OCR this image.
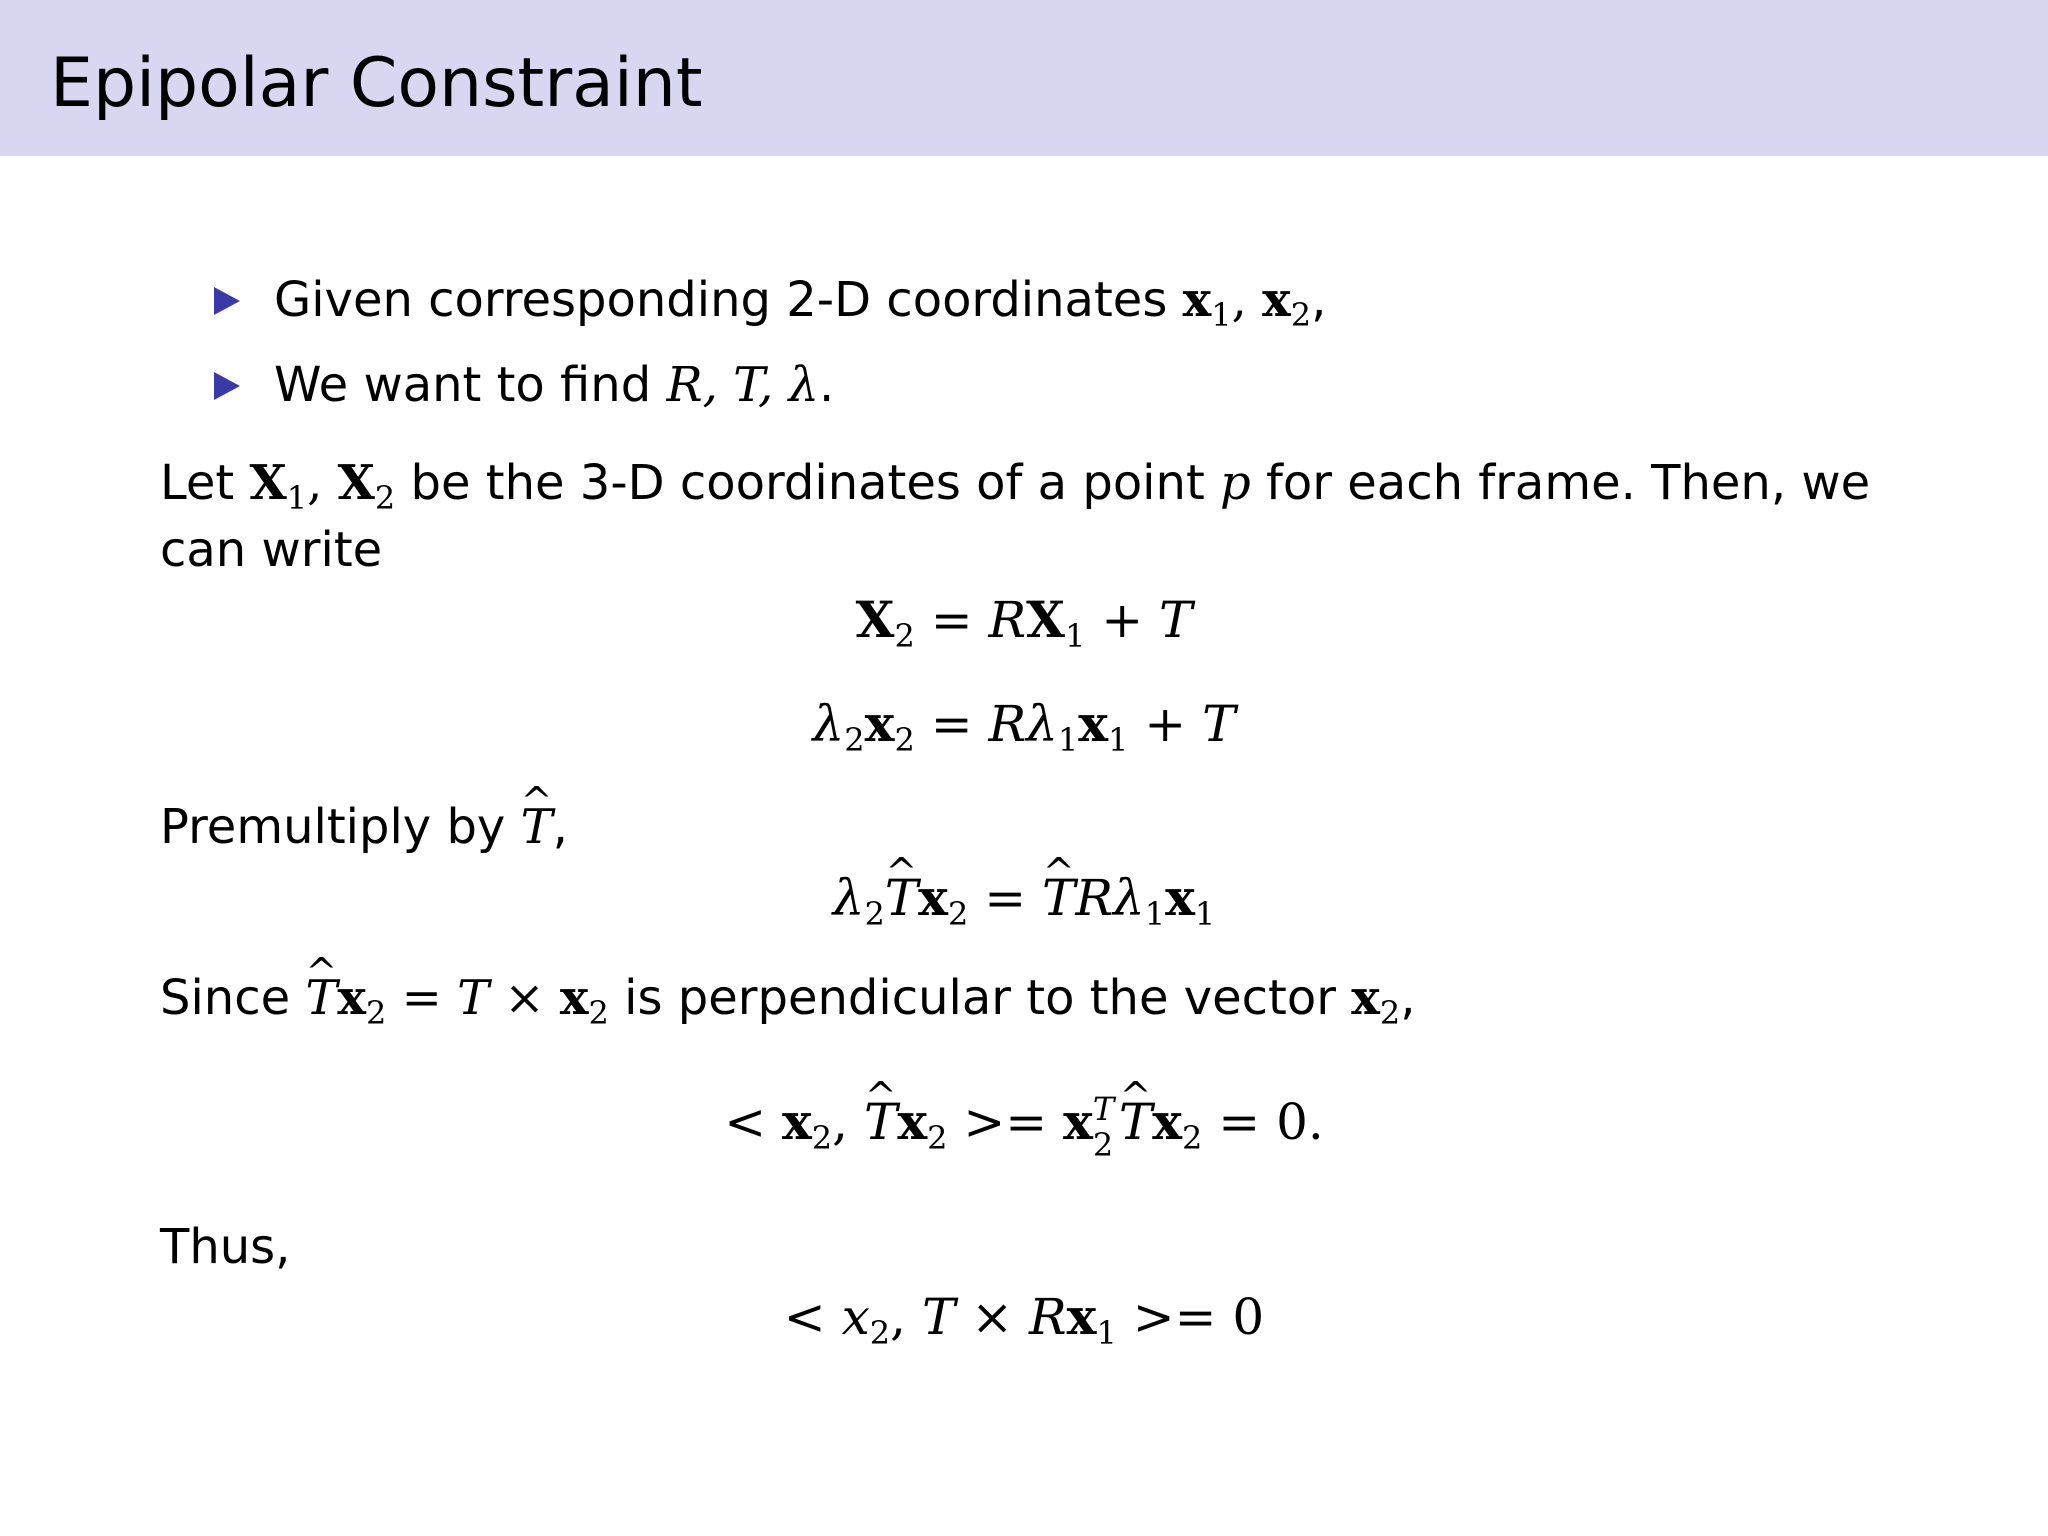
Epipolar Constraint
Given corresponding 2-D coordinates $x_1$, $x_2$,
We want to find R, T, λ.
Let $X_1$, $X_2$ be the 3-D coordinates of a point p for each frame. Then, we
can write
$X_2 = RX_1 + T$
$\lambda_2x_2 = R\lambda_1x_1 + T$
Premultiply by ^ T,
$\lambda_2\^{}$ $Tx_2$ = ^ $TR\lambda_1x_1$
Since ^ $Tx_2 = T \times x_2$ is perpendicular to the vector $x_2$,
< $x_2$, ^ $Tx_2 >= x$ T
2
^ $Tx_2 = 0$.
Thus,
< $x_2$, $T \times Rx_1 >= 0$
